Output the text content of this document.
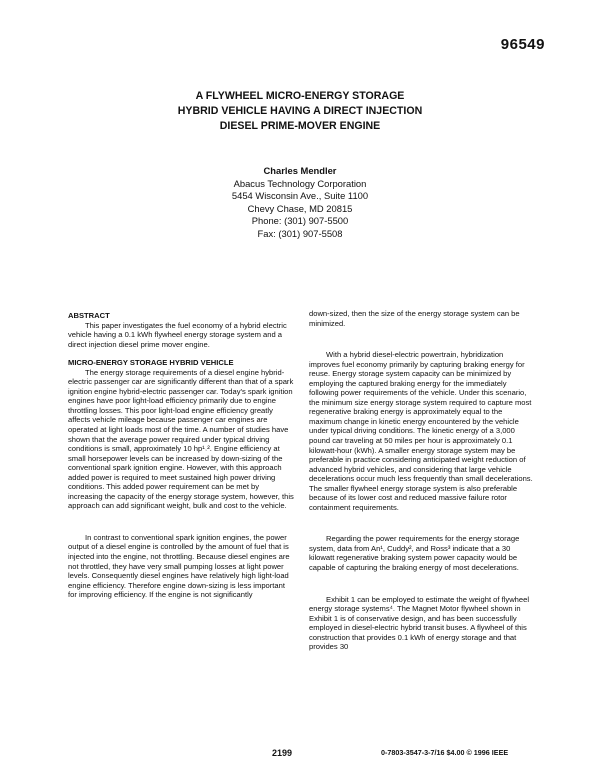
96549
A FLYWHEEL MICRO-ENERGY STORAGE
HYBRID VEHICLE HAVING A DIRECT INJECTION
DIESEL PRIME-MOVER ENGINE
Charles Mendler
Abacus Technology Corporation
5454 Wisconsin Ave., Suite 1100
Chevy Chase, MD 20815
Phone: (301) 907-5500
Fax: (301) 907-5508

ABSTRACT

This paper investigates the fuel economy of a hybrid electric vehicle having a 0.1 kWh flywheel energy storage system and a direct injection diesel prime mover engine.

MICRO-ENERGY STORAGE HYBRID VEHICLE

The energy storage requirements of a diesel engine hybrid-electric passenger car are significantly different than that of a spark ignition engine hybrid-electric passenger car. Today's spark ignition engines have poor light-load efficiency primarily due to engine throttling losses. This poor light-load engine efficiency greatly affects vehicle mileage because passenger car engines are operated at light loads most of the time. A number of studies have shown that the average power required under typical driving conditions is small, approximately 10 hp¹˒². Engine efficiency at small horsepower levels can be increased by down-sizing of the conventional spark ignition engine. However, with this approach added power is required to meet sustained high power driving conditions. This added power requirement can be met by increasing the capacity of the energy storage system, however, this approach can add significant weight, bulk and cost to the vehicle.

In contrast to conventional spark ignition engines, the power output of a diesel engine is controlled by the amount of fuel that is injected into the engine, not throttling. Because diesel engines are not throttled, they have very small pumping losses at light power levels. Consequently diesel engines have relatively high light-load engine efficiency. Therefore engine down-sizing is less important for improving efficiency. If the engine is not significantly

down-sized, then the size of the energy storage system can be minimized.

With a hybrid diesel-electric powertrain, hybridization improves fuel economy primarily by capturing braking energy for reuse. Energy storage system capacity can be minimized by employing the captured braking energy for the immediately following power requirements of the vehicle. Under this scenario, the minimum size energy storage system required to capture most regenerative braking energy is approximately equal to the maximum change in kinetic energy encountered by the vehicle under typical driving conditions. The kinetic energy of a 3,000 pound car traveling at 50 miles per hour is approximately 0.1 kilowatt-hour (kWh). A smaller energy storage system may be preferable in practice considering anticipated weight reduction of advanced hybrid vehicles, and considering that large vehicle decelerations occur much less frequently than small decelerations. The smaller flywheel energy storage system is also preferable because of its lower cost and reduced massive failure rotor containment requirements.

Regarding the power requirements for the energy storage system, data from An¹, Cuddy², and Ross³ indicate that a 30 kilowatt regenerative braking system power capacity would be capable of capturing the braking energy of most decelerations.

Exhibit 1 can be employed to estimate the weight of flywheel energy storage systems⁴. The Magnet Motor flywheel shown in Exhibit 1 is of conservative design, and has been successfully employed in diesel-electric hybrid transit buses. A flywheel of this construction that provides 0.1 kWh of energy storage and that provides 30

2199	0-7803-3547-3-7/16 $4.00 © 1996 IEEE
